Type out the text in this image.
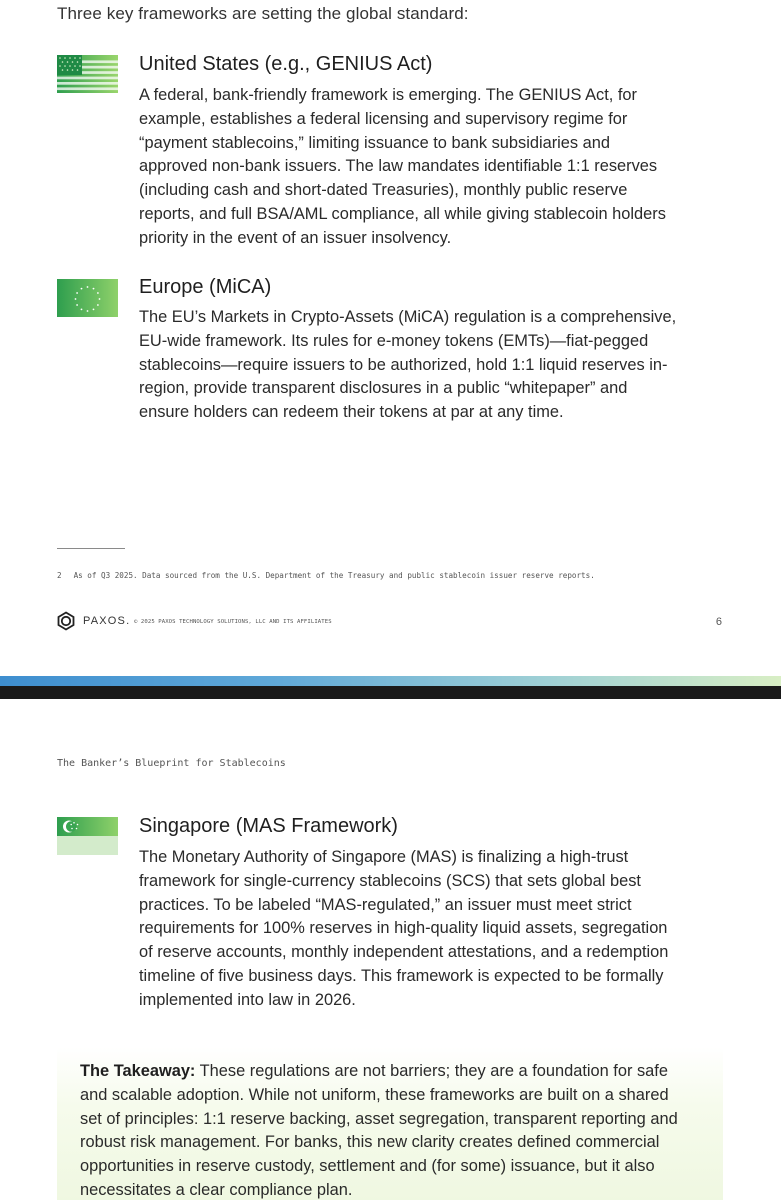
Three key frameworks are setting the global standard:
United States (e.g., GENIUS Act)
A federal, bank-friendly framework is emerging. The GENIUS Act, for example, establishes a federal licensing and supervisory regime for “payment stablecoins,” limiting issuance to bank subsidiaries and approved non-bank issuers. The law mandates identifiable 1:1 reserves (including cash and short-dated Treasuries), monthly public reserve reports, and full BSA/AML compliance, all while giving stablecoin holders priority in the event of an issuer insolvency.
Europe (MiCA)
The EU’s Markets in Crypto-Assets (MiCA) regulation is a comprehensive, EU-wide framework. Its rules for e-money tokens (EMTs)—fiat-pegged stablecoins—require issuers to be authorized, hold 1:1 liquid reserves in-region, provide transparent disclosures in a public “whitepaper” and ensure holders can redeem their tokens at par at any time.
2 As of Q3 2025. Data sourced from the U.S. Department of the Treasury and public stablecoin issuer reserve reports.
PAXOS. © 2025 PAXOS TECHNOLOGY SOLUTIONS, LLC AND ITS AFFILIATES	6
The Banker’s Blueprint for Stablecoins
Singapore (MAS Framework)
The Monetary Authority of Singapore (MAS) is finalizing a high-trust framework for single-currency stablecoins (SCS) that sets global best practices. To be labeled “MAS-regulated,” an issuer must meet strict requirements for 100% reserves in high-quality liquid assets, segregation of reserve accounts, monthly independent attestations, and a redemption timeline of five business days. This framework is expected to be formally implemented into law in 2026.
The Takeaway: These regulations are not barriers; they are a foundation for safe and scalable adoption. While not uniform, these frameworks are built on a shared set of principles: 1:1 reserve backing, asset segregation, transparent reporting and robust risk management. For banks, this new clarity creates defined commercial opportunities in reserve custody, settlement and (for some) issuance, but it also necessitates a clear compliance plan.
